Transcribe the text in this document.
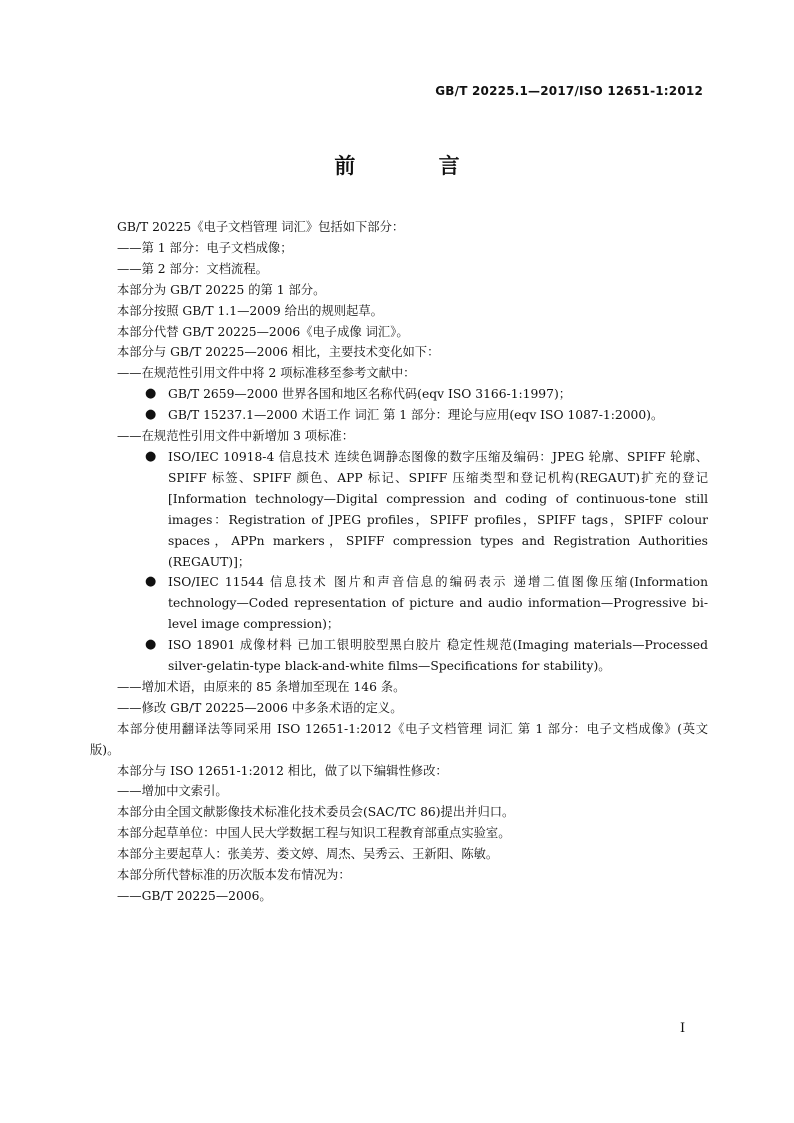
GB/T 20225.1—2017/ISO 12651-1:2012
前 言

GB/T 20225《电子文档管理 词汇》包括如下部分：

——第 1 部分：电子文档成像；

——第 2 部分：文档流程。

本部分为 GB/T 20225 的第 1 部分。

本部分按照 GB/T 1.1—2009 给出的规则起草。

本部分代替 GB/T 20225—2006《电子成像 词汇》。

本部分与 GB/T 20225—2006 相比，主要技术变化如下：

——在规范性引用文件中将 2 项标准移至参考文献中：

● GB/T 2659—2000 世界各国和地区名称代码(eqv ISO 3166-1:1997)；
● GB/T 15237.1—2000 术语工作 词汇 第 1 部分：理论与应用(eqv ISO 1087-1:2000)。

——在规范性引用文件中新增加 3 项标准：

● ISO/IEC 10918-4 信息技术 连续色调静态图像的数字压缩及编码：JPEG 轮廓、SPIFF 轮廓、SPIFF 标签、SPIFF 颜色、APP 标记、SPIFF 压缩类型和登记机构(REGAUT)扩充的登记[Information technology—Digital compression and coding of continuous-tone still images：Registration of JPEG profiles，SPIFF profiles，SPIFF tags，SPIFF colour spaces，APPn markers，SPIFF compression types and Registration Authorities (REGAUT)]；
● ISO/IEC 11544 信息技术 图片和声音信息的编码表示 递增二值图像压缩(Information technology—Coded representation of picture and audio information—Progressive bi-level image compression)；
● ISO 18901 成像材料 已加工银明胶型黑白胶片 稳定性规范(Imaging materials—Processed silver-gelatin-type black-and-white films—Specifications for stability)。

——增加术语，由原来的 85 条增加至现在 146 条。

——修改 GB/T 20225—2006 中多条术语的定义。

本部分使用翻译法等同采用 ISO 12651-1:2012《电子文档管理 词汇 第 1 部分：电子文档成像》(英文版)。

本部分与 ISO 12651-1:2012 相比，做了以下编辑性修改：

——增加中文索引。

本部分由全国文献影像技术标准化技术委员会(SAC/TC 86)提出并归口。

本部分起草单位：中国人民大学数据工程与知识工程教育部重点实验室。

本部分主要起草人：张美芳、娄文婷、周杰、吴秀云、王新阳、陈敏。

本部分所代替标准的历次版本发布情况为：

——GB/T 20225—2006。

I
